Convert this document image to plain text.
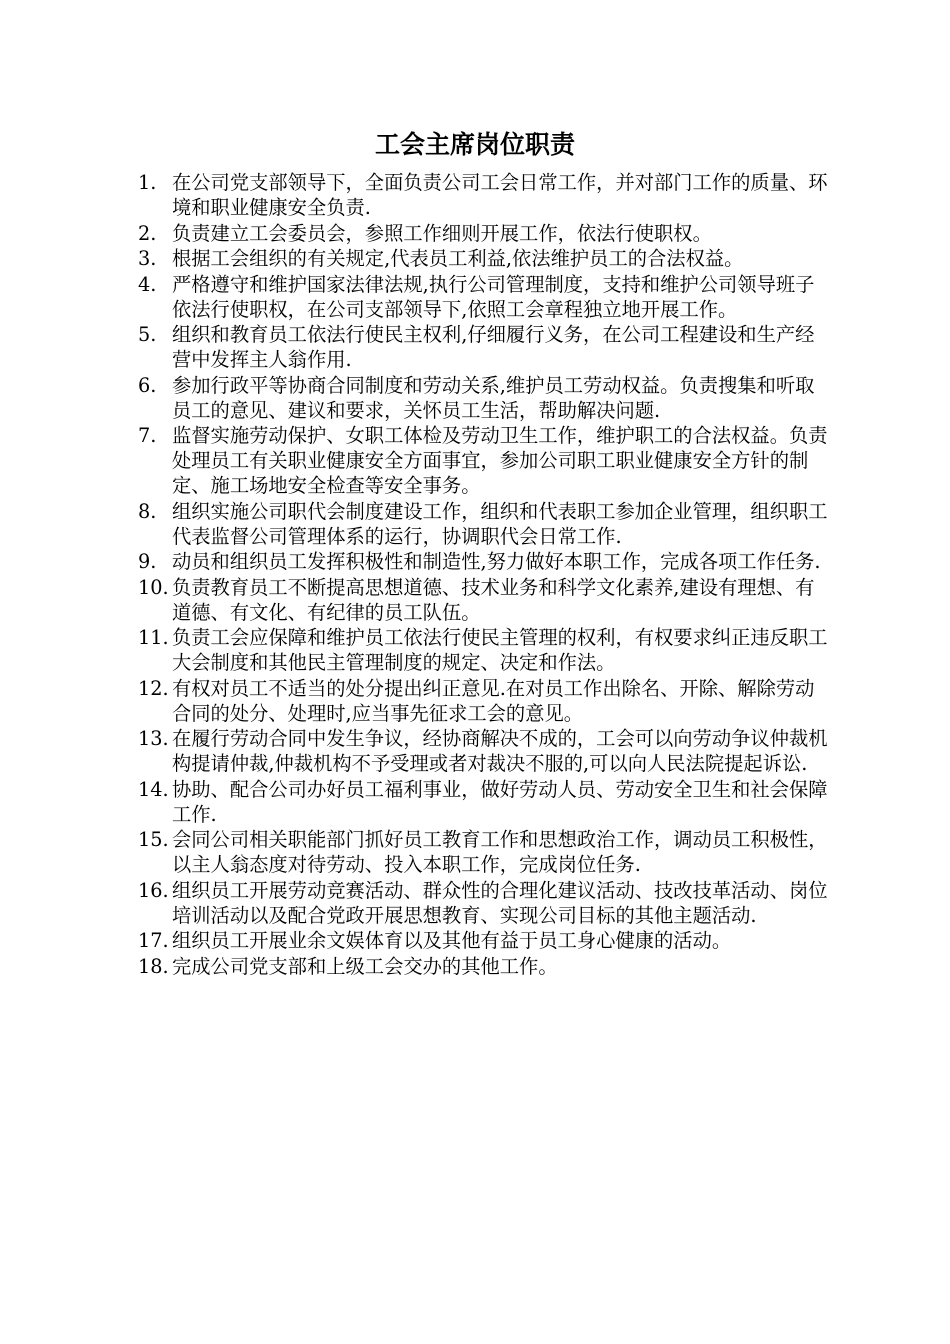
工会主席岗位职责
1. 在公司党支部领导下，全面负责公司工会日常工作，并对部门工作的质量、环境和职业健康安全负责.
2. 负责建立工会委员会，参照工作细则开展工作，依法行使职权。
3. 根据工会组织的有关规定,代表员工利益,依法维护员工的合法权益。
4. 严格遵守和维护国家法律法规,执行公司管理制度，支持和维护公司领导班子依法行使职权，在公司支部领导下,依照工会章程独立地开展工作。
5. 组织和教育员工依法行使民主权利,仔细履行义务，在公司工程建设和生产经营中发挥主人翁作用.
6. 参加行政平等协商合同制度和劳动关系,维护员工劳动权益。负责搜集和听取员工的意见、建议和要求，关怀员工生活，帮助解决问题.
7. 监督实施劳动保护、女职工体检及劳动卫生工作，维护职工的合法权益。负责处理员工有关职业健康安全方面事宜，参加公司职工职业健康安全方针的制定、施工场地安全检查等安全事务。
8. 组织实施公司职代会制度建设工作，组织和代表职工参加企业管理，组织职工代表监督公司管理体系的运行，协调职代会日常工作.
9. 动员和组织员工发挥积极性和制造性,努力做好本职工作，完成各项工作任务.
10. 负责教育员工不断提高思想道德、技术业务和科学文化素养,建设有理想、有道德、有文化、有纪律的员工队伍。
11. 负责工会应保障和维护员工依法行使民主管理的权利，有权要求纠正违反职工大会制度和其他民主管理制度的规定、决定和作法。
12. 有权对员工不适当的处分提出纠正意见.在对员工作出除名、开除、解除劳动合同的处分、处理时,应当事先征求工会的意见。
13. 在履行劳动合同中发生争议，经协商解决不成的，工会可以向劳动争议仲裁机构提请仲裁,仲裁机构不予受理或者对裁决不服的,可以向人民法院提起诉讼.
14. 协助、配合公司办好员工福利事业，做好劳动人员、劳动安全卫生和社会保障工作.
15. 会同公司相关职能部门抓好员工教育工作和思想政治工作，调动员工积极性，以主人翁态度对待劳动、投入本职工作，完成岗位任务.
16. 组织员工开展劳动竞赛活动、群众性的合理化建议活动、技改技革活动、岗位培训活动以及配合党政开展思想教育、实现公司目标的其他主题活动.
17. 组织员工开展业余文娱体育以及其他有益于员工身心健康的活动。
18. 完成公司党支部和上级工会交办的其他工作。
